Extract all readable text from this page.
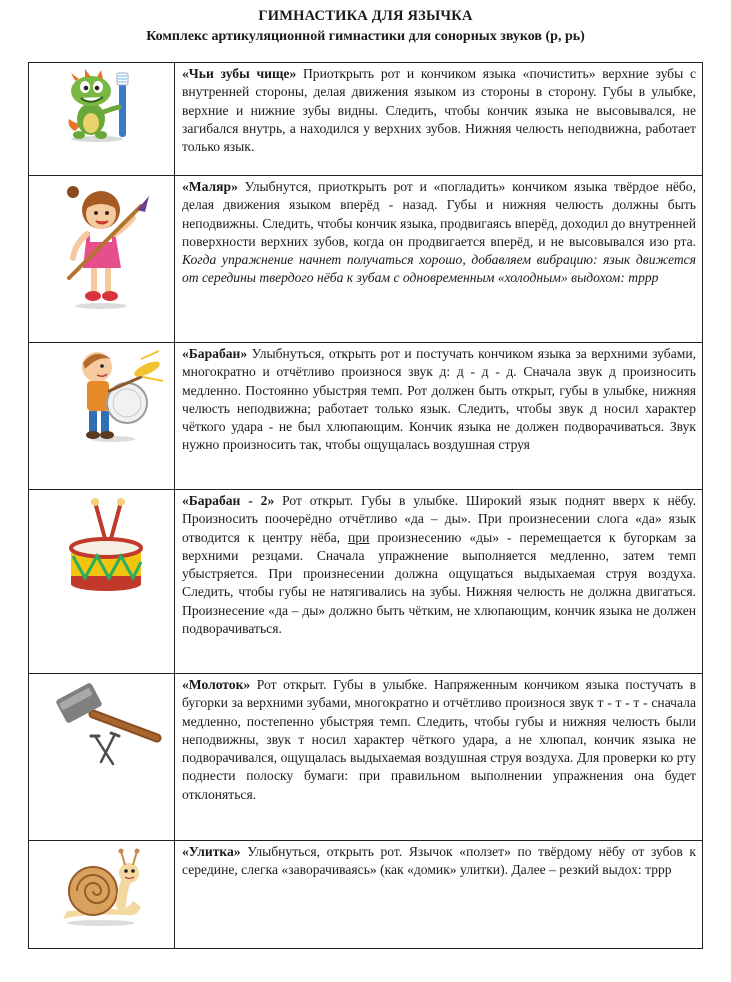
ГИМНАСТИКА ДЛЯ ЯЗЫЧКА
Комплекс артикуляционной гимнастики для сонорных звуков (р, рь)
	«Чьи зубы чище» Приоткрыть рот и кончиком языка «почистить» верхние зубы с внутренней стороны, делая движения языком из стороны в сторону. Губы в улыбке, верхние и нижние зубы видны. Следить, чтобы кончик языка не высовывался, не загибался внутрь, а находился у верхних зубов. Нижняя челюсть неподвижна, работает только язык.

	«Маляр» Улыбнутся, приоткрыть рот и «погладить» кончиком языка твёрдое нёбо, делая движения языком вперёд - назад. Губы и нижняя челюсть должны быть неподвижны. Следить, чтобы кончик языка, продвигаясь вперёд, доходил до внутренней поверхности верхних зубов, когда он продвигается вперёд, и не высовывался изо рта. Когда упражнение начнет получаться хорошо, добавляем вибрацию: язык движется от середины твердого нёба к зубам с одновременным «холодным» выдохом: тррр

	«Барабан» Улыбнуться, открыть рот и постучать кончиком языка за верхними зубами, многократно и отчётливо произнося звук д: д - д - д. Сначала звук д произносить медленно. Постоянно убыстряя темп. Рот должен быть открыт, губы в улыбке, нижняя челюсть неподвижна; работает только язык. Следить, чтобы звук д носил характер чёткого удара - не был хлюпающим. Кончик языка не должен подворачиваться. Звук нужно произносить так, чтобы ощущалась воздушная струя

	«Барабан - 2» Рот открыт. Губы в улыбке. Широкий язык поднят вверх к нёбу. Произносить поочерёдно отчётливо «да – ды». При произнесении слога «да» язык отводится к центру нёба, при произнесению «ды» - перемещается к бугоркам за верхними резцами. Сначала упражнение выполняется медленно, затем темп убыстряется. При произнесении должна ощущаться выдыхаемая струя воздуха. Следить, чтобы губы не натягивались на зубы. Нижняя челюсть не должна двигаться. Произнесение «да – ды» должно быть чётким, не хлюпающим, кончик языка не должен подворачиваться.

	«Молоток» Рот открыт. Губы в улыбке. Напряженным кончиком языка постучать в бугорки за верхними зубами, многократно и отчётливо произнося звук т - т - т - сначала медленно, постепенно убыстряя темп. Следить, чтобы губы и нижняя челюсть были неподвижны, звук т носил характер чёткого удара, а не хлюпал, кончик языка не подворачивался, ощущалась выдыхаемая воздушная струя воздуха. Для проверки ко рту поднести полоску бумаги: при правильном выполнении упражнения она будет отклоняться.

	«Улитка» Улыбнуться, открыть рот. Язычок «ползет» по твёрдому нёбу от зубов к середине, слегка «заворачиваясь» (как «домик» улитки). Далее – резкий выдох: тррр
